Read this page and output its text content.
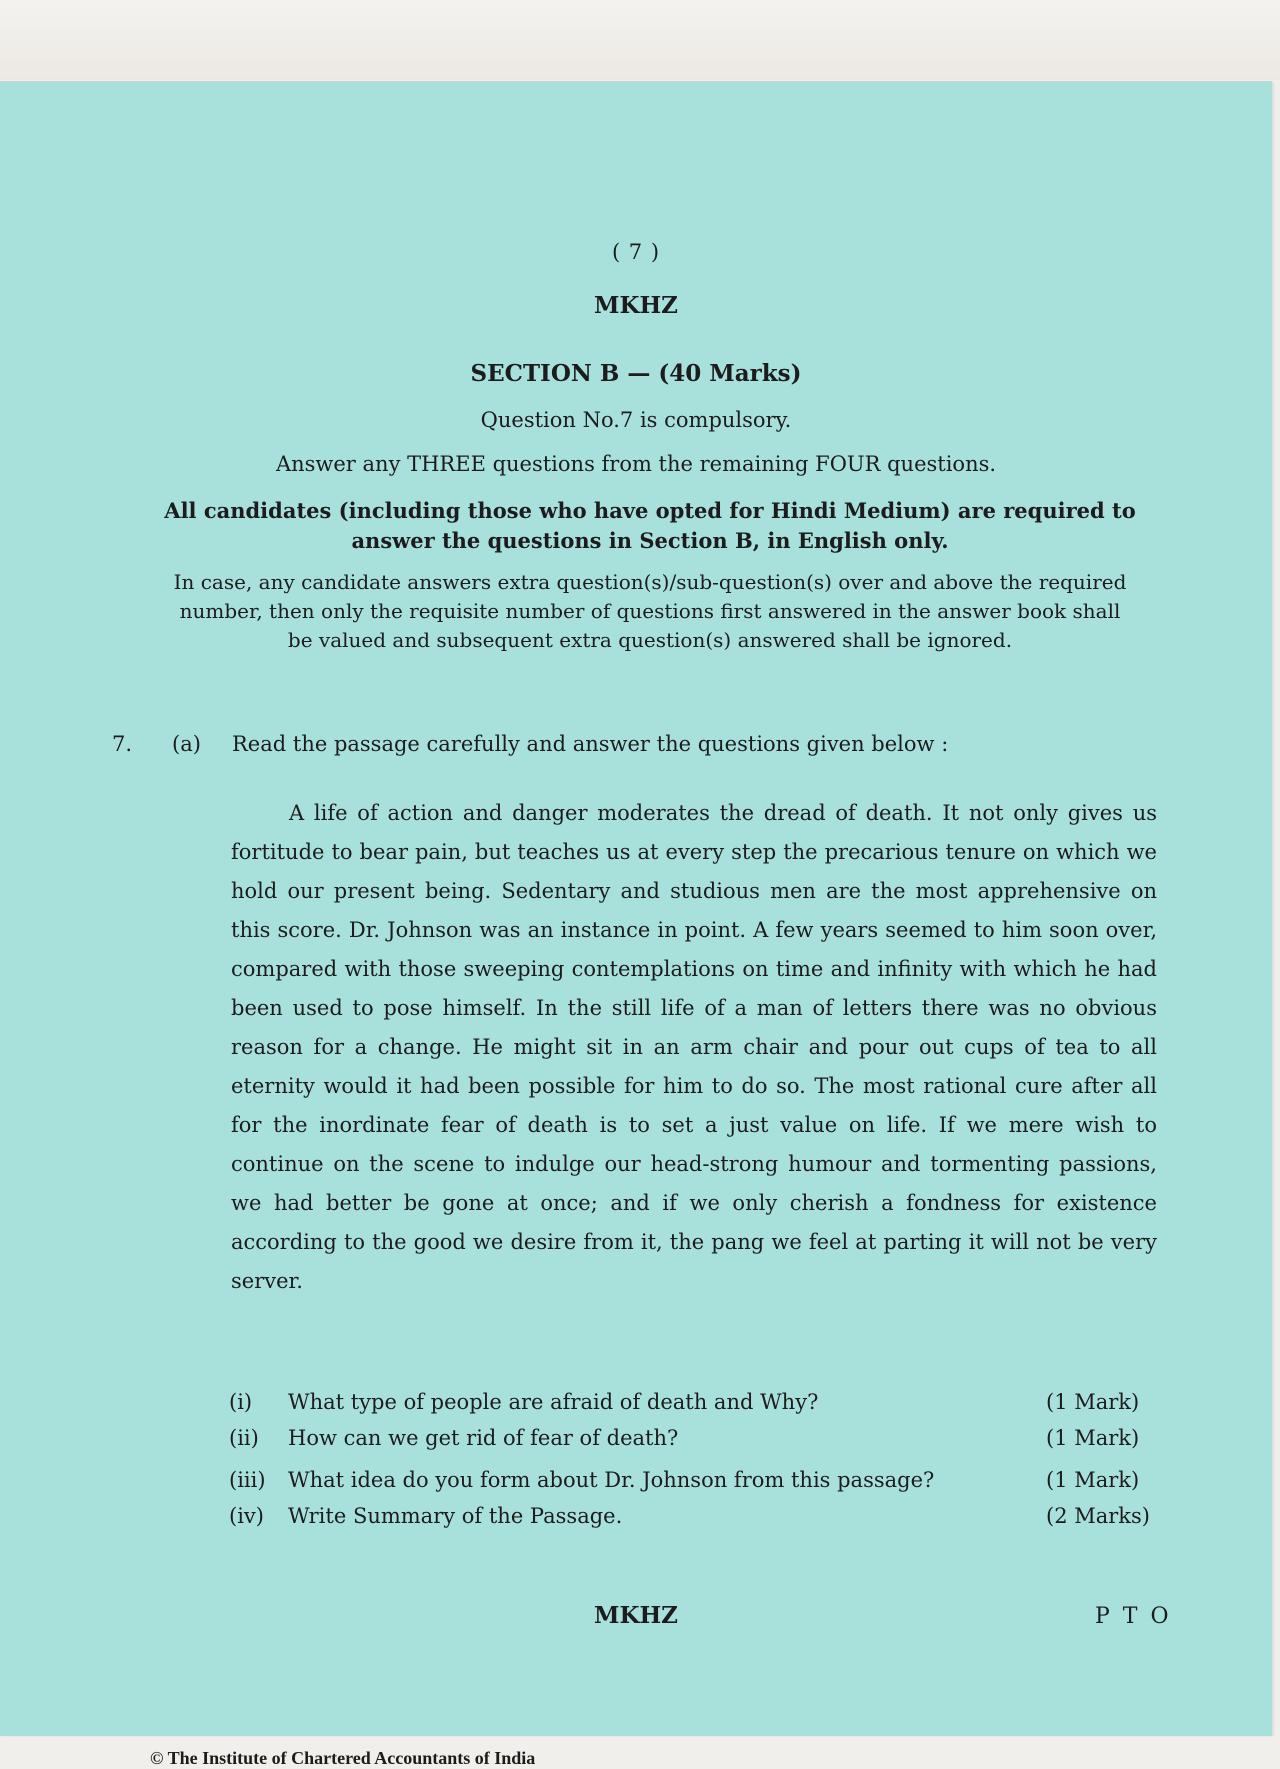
( 7 )
MKHZ
SECTION B — (40 Marks)
Question No.7 is compulsory.
Answer any THREE questions from the remaining FOUR questions.
All candidates (including those who have opted for Hindi Medium) are required to answer the questions in Section B, in English only.
In case, any candidate answers extra question(s)/sub-question(s) over and above the required number, then only the requisite number of questions first answered in the answer book shall be valued and subsequent extra question(s) answered shall be ignored.
7. (a) Read the passage carefully and answer the questions given below :

A life of action and danger moderates the dread of death. It not only gives us fortitude to bear pain, but teaches us at every step the precarious tenure on which we hold our present being. Sedentary and studious men are the most apprehensive on this score. Dr. Johnson was an instance in point. A few years seemed to him soon over, compared with those sweeping contemplations on time and infinity with which he had been used to pose himself. In the still life of a man of letters there was no obvious reason for a change. He might sit in an arm chair and pour out cups of tea to all eternity would it had been possible for him to do so. The most rational cure after all for the inordinate fear of death is to set a just value on life. If we mere wish to continue on the scene to indulge our head-strong humour and tormenting passions, we had better be gone at once; and if we only cherish a fondness for existence according to the good we desire from it, the pang we feel at parting it will not be very server.

(i) What type of people are afraid of death and Why?	(1 Mark)
(ii) How can we get rid of fear of death?	(1 Mark)
(iii) What idea do you form about Dr. Johnson from this passage?	(1 Mark)
(iv) Write Summary of the Passage.	(2 Marks)
MKHZ	P T O
© The Institute of Chartered Accountants of India
